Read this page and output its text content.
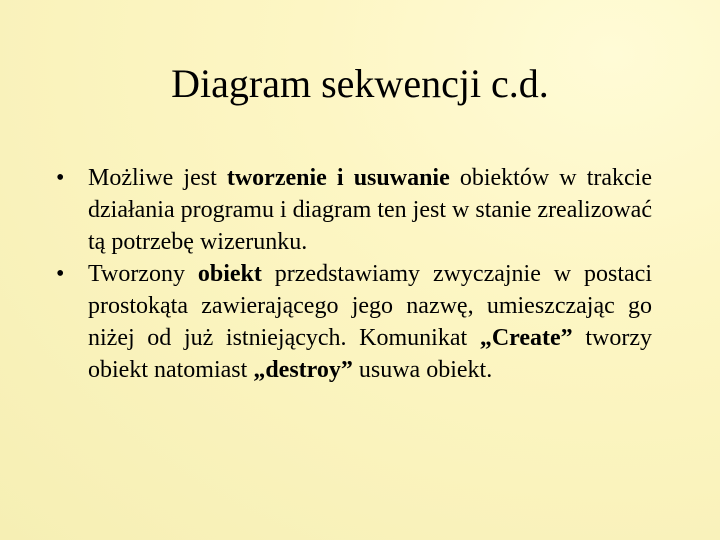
Diagram sekwencji c.d.
• Możliwe jest tworzenie i usuwanie obiektów w trakcie działania programu i diagram ten jest w stanie zrealizować tą potrzebę wizerunku.
• Tworzony obiekt przedstawiamy zwyczajnie w postaci prostokąta zawierającego jego nazwę, umieszczając go niżej od już istniejących. Komunikat „Create” tworzy obiekt natomiast „destroy” usuwa obiekt.
